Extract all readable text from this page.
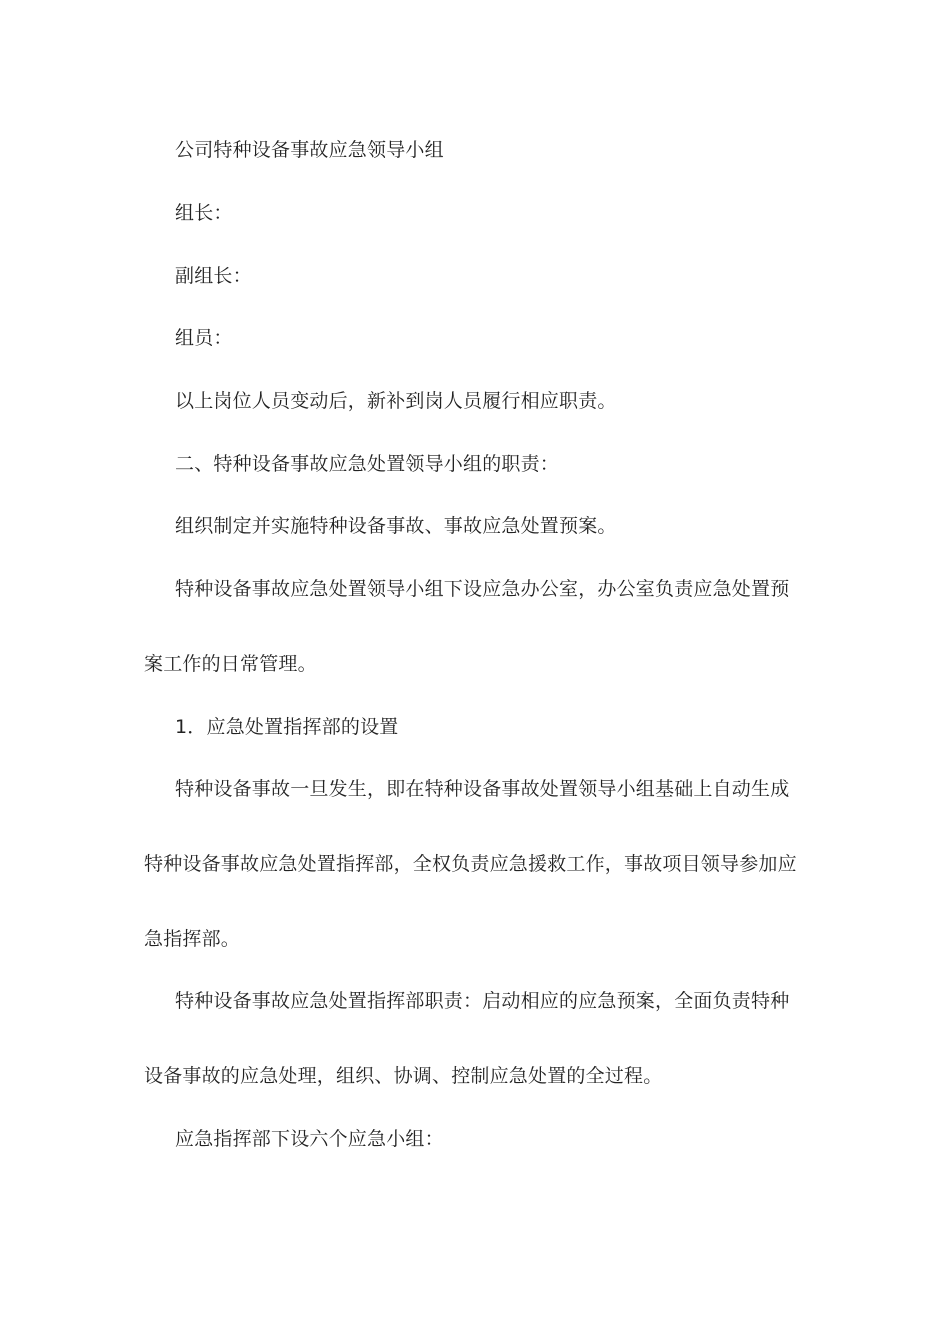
公司特种设备事故应急领导小组
组长：
副组长：
组员：
以上岗位人员变动后，新补到岗人员履行相应职责。
二、特种设备事故应急处置领导小组的职责：
组织制定并实施特种设备事故、事故应急处置预案。
特种设备事故应急处置领导小组下设应急办公室，办公室负责应急处置预
案工作的日常管理。
1．应急处置指挥部的设置
特种设备事故一旦发生，即在特种设备事故处置领导小组基础上自动生成
特种设备事故应急处置指挥部，全权负责应急援救工作，事故项目领导参加应
急指挥部。
特种设备事故应急处置指挥部职责：启动相应的应急预案，全面负责特种
设备事故的应急处理，组织、协调、控制应急处置的全过程。
应急指挥部下设六个应急小组：
